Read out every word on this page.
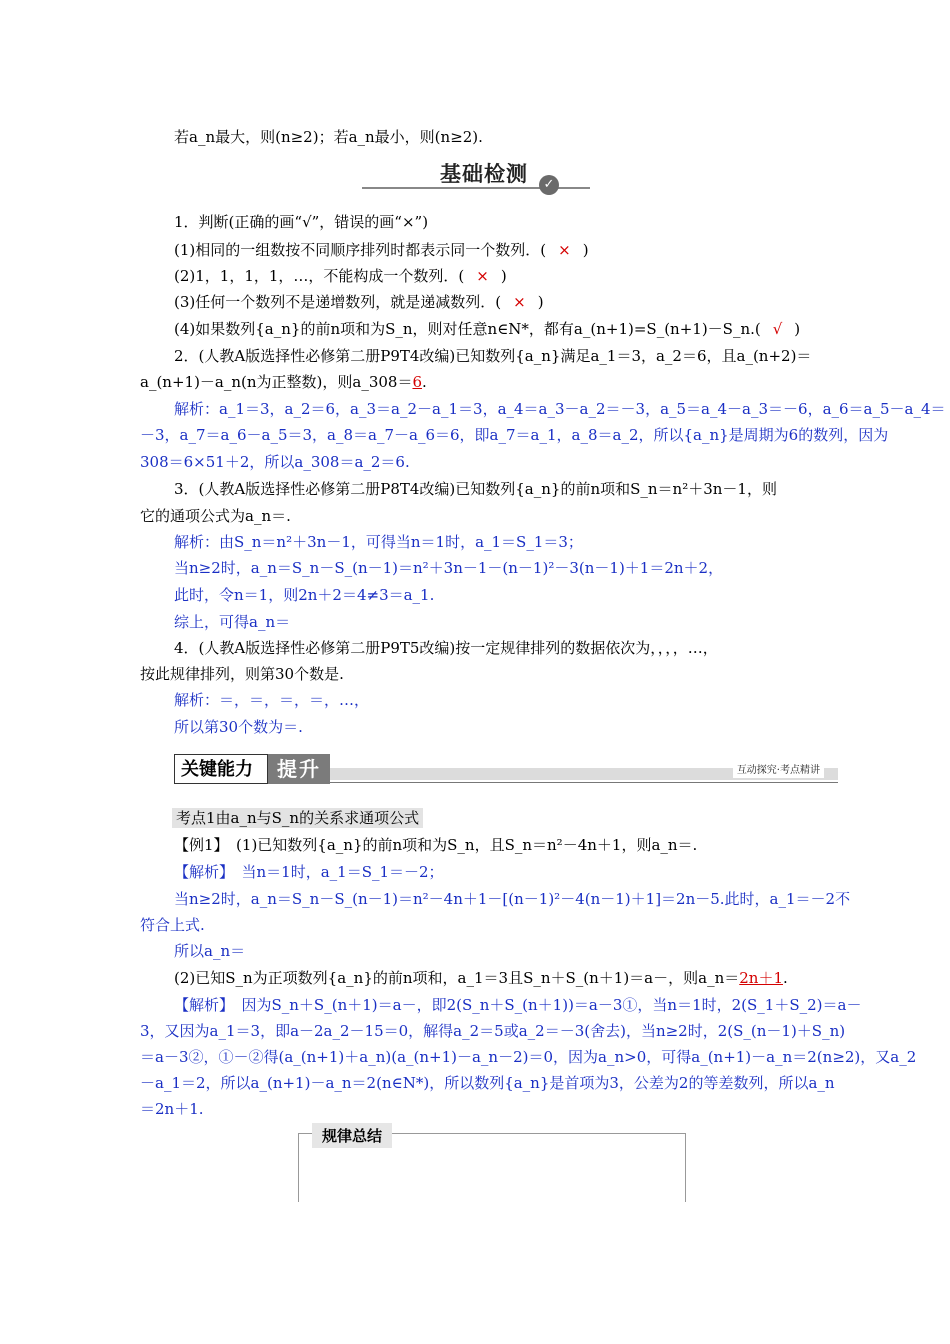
若a_n最大，则(n≥2)；若a_n最小，则(n≥2).
基础检测	✓
1．判断(正确的画“√”，错误的画“×”)
(1)相同的一组数按不同顺序排列时都表示同一个数列．( × )
(2)1，1，1，1，…，不能构成一个数列．( × )
(3)任何一个数列不是递增数列，就是递减数列．( × )
(4)如果数列{a_n}的前n项和为S_n，则对任意n∈N*，都有a_(n+1)=S_(n+1)－S_n.( √ )
2．(人教A版选择性必修第二册P9T4改编)已知数列{a_n}满足a_1＝3，a_2＝6，且a_(n+2)＝
a_(n+1)－a_n(n为正整数)，则a_308＝6.
解析：a_1＝3，a_2＝6，a_3＝a_2－a_1＝3，a_4＝a_3－a_2＝－3，a_5＝a_4－a_3＝－6，a_6＝a_5－a_4＝
－3，a_7＝a_6－a_5＝3，a_8＝a_7－a_6＝6，即a_7＝a_1，a_8＝a_2，所以{a_n}是周期为6的数列，因为
308＝6×51＋2，所以a_308＝a_2＝6.
3．(人教A版选择性必修第二册P8T4改编)已知数列{a_n}的前n项和S_n＝n²＋3n－1，则
它的通项公式为a_n＝.
解析：由S_n＝n²＋3n－1，可得当n＝1时，a_1＝S_1＝3；
当n≥2时，a_n＝S_n－S_(n－1)＝n²＋3n－1－(n－1)²－3(n－1)＋1＝2n＋2，
此时，令n＝1，则2n＋2＝4≠3＝a_1.
综上，可得a_n＝
4．(人教A版选择性必修第二册P9T5改编)按一定规律排列的数据依次为，，，，…，
按此规律排列，则第30个数是.
解析：＝，＝，＝，＝，…，
所以第30个数为＝.
关键能力	提升	互动探究·考点精讲
考点1由a_n与S_n的关系求通项公式
【例1】　(1)已知数列{a_n}的前n项和为S_n，且S_n＝n²－4n＋1，则a_n＝.
【解析】　当n＝1时，a_1＝S_1＝－2；
当n≥2时，a_n＝S_n－S_(n－1)＝n²－4n＋1－[(n－1)²－4(n－1)＋1]＝2n－5.此时，a_1＝－2不
符合上式.
所以a_n＝
(2)已知S_n为正项数列{a_n}的前n项和，a_1＝3且S_n＋S_(n＋1)＝a－，则a_n＝2n＋1.
【解析】　因为S_n＋S_(n＋1)＝a－，即2(S_n＋S_(n＋1))＝a－3①，当n＝1时，2(S_1＋S_2)＝a－
3，又因为a_1＝3，即a－2a_2－15＝0，解得a_2＝5或a_2＝－3(舍去)，当n≥2时，2(S_(n－1)＋S_n)
＝a－3②，①－②得(a_(n+1)＋a_n)(a_(n+1)－a_n－2)＝0，因为a_n>0，可得a_(n+1)－a_n＝2(n≥2)，又a_2
－a_1＝2，所以a_(n+1)－a_n＝2(n∈N*)，所以数列{a_n}是首项为3，公差为2的等差数列，所以a_n
＝2n＋1.
规律总结
